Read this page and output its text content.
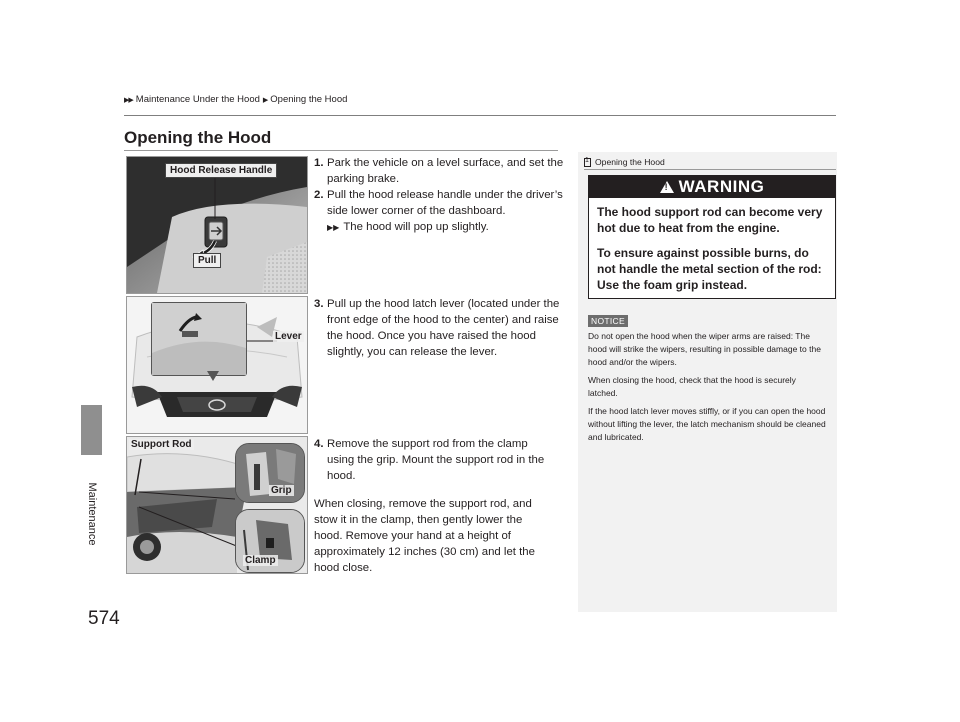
▶▶ Maintenance Under the Hood ▶ Opening the Hood
Maintenance
574
Opening the Hood
Hood Release Handle
Pull
Lever
Support Rod
Grip
Clamp
1. Park the vehicle on a level surface, and set the parking brake.
2. Pull the hood release handle under the driver’s side lower corner of the dashboard.
▶▶ The hood will pop up slightly.
3. Pull up the hood latch lever (located under the front edge of the hood to the center) and raise the hood. Once you have raised the hood slightly, you can release the lever.
4. Remove the support rod from the clamp using the grip. Mount the support rod in the hood.
When closing, remove the support rod, and stow it in the clamp, then gently lower the hood. Remove your hand at a height of approximately 12 inches (30 cm) and let the hood close.
1
Opening the Hood
!
WARNING
The hood support rod can become very hot due to heat from the engine.
To ensure against possible burns, do not handle the metal section of the rod: Use the foam grip instead.
NOTICE
Do not open the hood when the wiper arms are raised: The hood will strike the wipers, resulting in possible damage to the hood and/or the wipers.
When closing the hood, check that the hood is securely latched.
If the hood latch lever moves stiffly, or if you can open the hood without lifting the lever, the latch mechanism should be cleaned and lubricated.
